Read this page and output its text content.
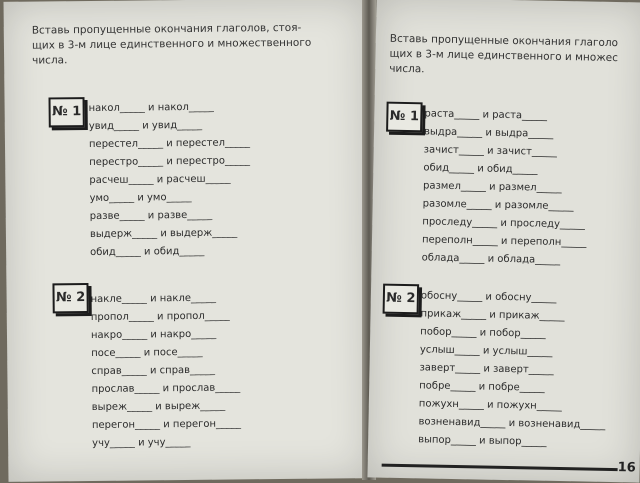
Вставь пропущенные окончания глаголов, стоя-
щих в 3-м лице единственного и множественного
числа.
№ 1 накол_____ и накол_____
увид_____ и увид_____
перестел_____ и перестел_____
перестро_____ и перестро_____
расчеш_____ и расчеш_____
умо_____ и умо_____
разве_____ и разве_____
выдерж_____ и выдерж_____
обид_____ и обид_____
№ 2 накле_____ и накле_____
пропол_____ и пропол_____
накро_____ и накро_____
посе_____ и посе_____
справ_____ и справ_____
прослав_____ и прослав_____
выреж_____ и выреж_____
перегон_____ и перегон_____
учу_____ и учу_____
Вставь пропущенные окончания глаголо
щих в 3-м лице единственного и множес
числа.
№ 1 раста_____ и раста_____
выдра_____ и выдра_____
зачист_____ и зачист_____
обид_____ и обид_____
размел_____ и размел_____
разомле_____ и разомле_____
проследу_____ и проследу_____
переполн_____ и переполн_____
облада_____ и облада_____
№ 2 обосну_____ и обосну_____
прикаж_____ и прикаж_____
побор_____ и побор_____
услыш_____ и услыш_____
заверт_____ и заверт_____
побре_____ и побре_____
пожухн_____ и пожухн_____
возненавид_____ и возненавид_____
выпор_____ и выпор_____
16
